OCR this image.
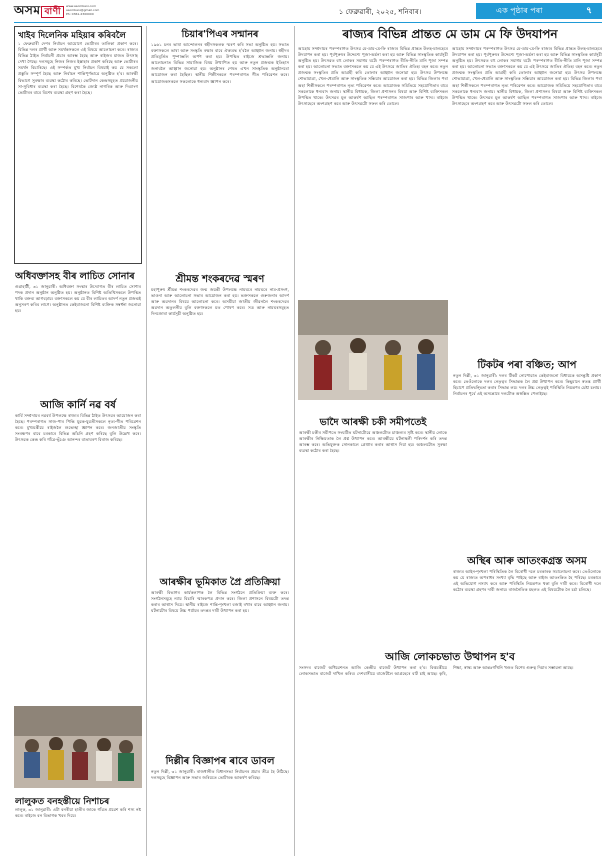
অসম বাণী
www.asombani.com
asombani@gmail.com
Ph: 0361-2300000	১ ফেব্ৰুৱাৰী, ২০২৫, শনিবাৰ।	এক পৃষ্ঠাৰ পৰা	৭
খাইব দিলেনিক মহিয়াৰ কৰিবলৈ
১ ফেব্ৰুৱাৰী দেশৰ নিৰ্বাচন আয়োগে ভোটাৰৰ তালিকা প্ৰকাশ কৰে। বিভিন্ন দলৰ প্ৰাৰ্থী আৰু সমৰ্থকসকলে এই বিষয়ে আলোচনা কৰে। ৰাজ্যৰ বিভিন্ন ঠাইত নিৰ্বাচনী প্ৰচাৰ আৰম্ভ হৈছে আৰু ৰাইজৰ মাজত উৎসাহ দেখা গৈছে। দলসমূহে নিজৰ নিজৰ ইস্তাহাৰ প্ৰকাশ কৰিছে আৰু ভোটাৰৰ সমৰ্থন বিচাৰিছে। এই সম্পৰ্কত মুখ্য নিৰ্বাচন বিষয়াই কয় যে সকলো প্ৰস্তুতি সম্পূৰ্ণ হৈছে আৰু নিৰ্বাচন শান্তিপূৰ্ণভাৱে অনুষ্ঠিত হ'ব। আৰক্ষী বিভাগে সুৰক্ষাৰ ব্যৱস্থা কঠোৰ কৰিছে। ভোটদান কেন্দ্ৰসমূহত প্ৰয়োজনীয় সা-সুবিধাৰ ব্যৱস্থা কৰা হৈছে। বিশেষকৈ জ্যেষ্ঠ নাগৰিক আৰু দিব্যাংগ ভোটাৰৰ বাবে বিশেষ ব্যৱস্থা গ্ৰহণ কৰা হৈছে।
অধিবক্তাসহ বীৰ লাচিত সোনাৰ
গুৱাহাটী, ৩১ জানুৱাৰী: অধিবক্তা সংস্থাৰ উদ্যোগত বীৰ লাচিত সোণাৰ পদক প্ৰদান অনুষ্ঠান অনুষ্ঠিত হয়। অনুষ্ঠানত বিশিষ্ট অতিথিসকলে উপস্থিত থাকি বক্তব্য আগবঢ়ায়। বক্তাসকলে কয় যে বীৰ লাচিতৰ আদৰ্শ নতুন প্ৰজন্মই অনুসৰণ কৰিব লাগে। অনুষ্ঠানত কেইবাজনো বিশিষ্ট ব্যক্তিক সম্বৰ্ধনা জনোৱা হয়।
আজি কাৰ্নি নৱ বৰ্ষ
কাৰ্বি সম্প্ৰদায়ৰ নৱবৰ্ষ উপলক্ষে ৰাজ্যৰ বিভিন্ন ঠাইত উৎসৱৰ আয়োজন কৰা হৈছে। পৰম্পৰাগত সাজ-পাৰ পিন্ধি যুৱক-যুৱতীসকলে নৃত্য-গীত পৰিৱেশন কৰে। মুখ্যমন্ত্ৰীয়ে ৰাইজলৈ শুভেচ্ছা জ্ঞাপন কৰে। জনজাতীয় সংস্কৃতি সংৰক্ষণৰ বাবে চৰকাৰে বিভিন্ন আঁচনি গ্ৰহণ কৰিছে বুলি উল্লেখ কৰে। উৎসৱক কেন্দ্ৰ কৰি গাঁৱে-ভূঁঞে আনন্দৰ বাতাবৰণ বিৰাজ কৰিছে।
লালুকত বনহস্তীয়ে নিশাচৰ
লালুক, ৩১ জানুৱাৰী: এটা বনৰীয়া হাতীৰ জাকে গাঁৱত প্ৰৱেশ কৰি শস্য নষ্ট কৰে। ৰাইজে বন বিভাগক খবৰ দিয়ে।
চিয়াৰ'পিএৰ সন্মানৰ
১৯৬১ চনৰ ভাষা আন্দোলনৰ শ্বহীদসকলক স্মৰণ কৰি সভা অনুষ্ঠিত হয়। সভাত বক্তাসকলে ভাষা আৰু সংস্কৃতি ৰক্ষাৰ বাবে ঐক্যবদ্ধ হ'বলৈ আহ্বান জনায়। শ্বহীদৰ প্ৰতিমূৰ্তিত পুষ্পাঞ্জলি অৰ্পণ কৰা হয়। উপস্থিত ৰাইজে শ্ৰদ্ধাঞ্জলি জনায়। আলোচনাত বিভিন্ন সামাজিক বিষয় উত্থাপিত হয় আৰু নতুন প্ৰজন্মক ইতিহাস জনাবলৈ আহ্বান জনোৱা হয়। অনুষ্ঠানৰ শেষত এখন সাংস্কৃতিক অনুষ্ঠানৰো আয়োজন কৰা হৈছিল। স্থানীয় শিল্পীসকলে পৰম্পৰাগত গীত পৰিৱেশন কৰে। আয়োজকসকলে সকলোকে ধন্যবাদ জ্ঞাপন কৰে।
শ্ৰীমন্ত শংকৰদেৱ স্মৰণ
মহাপুৰুষ শ্ৰীমন্ত শংকৰদেৱৰ জন্ম জয়ন্তী উপলক্ষে নামঘৰে নামঘৰে নাম-প্ৰসংগ, ভাওনা আৰু আলোচনা সভাৰ আয়োজন কৰা হয়। ভক্তসকলে গুৰুজনাৰ আদৰ্শ আৰু অৱদানৰ বিষয়ে আলোচনা কৰে। অসমীয়া জাতীয় জীৱনলৈ শংকৰদেৱৰ অৱদান অতুলনীয় বুলি বক্তাসকলে মত পোষণ কৰে। সত্ৰ আৰু নামঘৰসমূহত দিনজোৰা কাৰ্যসূচী অনুষ্ঠিত হয়।
আৰক্ষীৰ ভূমিকাত প্ৰৈ প্ৰতিক্ৰিয়া
আৰক্ষী বিভাগৰ কাৰ্যকলাপক লৈ বিভিন্ন সংগঠনে প্ৰতিক্ৰিয়া ব্যক্ত কৰে। সংগঠনসমূহে ন্যায় বিচাৰি স্মাৰকপত্ৰ প্ৰদান কৰে। জিলা প্ৰশাসনে বিষয়টো তদন্ত কৰাৰ আশ্বাস দিয়ে। স্থানীয় ৰাইজে শান্তি-শৃংখলা বজাই ৰখাৰ বাবে আহ্বান জনায়। ঘটনাটোৰ বিষয়ে উচ্চ পৰ্যায়ৰ তদন্তৰ দাবী উত্থাপন কৰা হয়।
দিল্লীৰ বিজ্ঞাপৰ ৰাবে ডাবল
নতুন দিল্লী, ৩১ জানুৱাৰী: ৰাজধানীত বিধানসভা নিৰ্বাচনৰ প্ৰচাৰ তীব্ৰ হৈ উঠিছে। দলসমূহে বিজ্ঞাপন আৰু সভাৰ জৰিয়তে ভোটাৰক আকৰ্ষণ কৰিছে।
ৰাজ্যৰ বিভিন্ন প্ৰান্তত মে ডাম মে ফি উদযাপন
আহোম সম্প্ৰদায়ৰ পৰম্পৰাগত উৎসৱ মে-ডাম-মে-ফি ৰাজ্যৰ বিভিন্ন প্ৰান্তত উলহ-মালহেৰে উদযাপন কৰা হয়। পূৰ্বপুৰুষৰ উদ্দেশ্যে পূজা-অৰ্চনা কৰা হয় আৰু বিভিন্ন সাংস্কৃতিক কাৰ্যসূচী অনুষ্ঠিত হয়। উৎসৱত বহু লোকৰ সমাগম ঘটে। পৰম্পৰাগত ৰীতি-নীতি মানি পূজা সম্পন্ন কৰা হয়। আলোচনা সভাত বক্তাসকলে কয় যে এই উৎসৱে জাতিৰ ঐতিহ্য বহন কৰে। নতুন প্ৰজন্মক সংস্কৃতিৰ প্ৰতি আগ্ৰহী কৰি তোলাৰ আহ্বান জনোৱা হয়। উৎসৱ উপলক্ষে শোভাযাত্ৰা, খেল-ধেমালি আৰু সাংস্কৃতিক সন্ধিয়াৰ আয়োজন কৰা হয়। বিভিন্ন জিলাৰ পৰা অহা শিল্পীসকলে পৰম্পৰাগত নৃত্য পৰিৱেশন কৰে। আয়োজক সমিতিয়ে সহযোগিতাৰ বাবে সকলোকে ধন্যবাদ জনায়। স্থানীয় বিধায়ক, জিলা প্ৰশাসনৰ বিষয়া আৰু বিশিষ্ট ব্যক্তিসকল উপস্থিত থাকে। উৎসৱৰ মূল আকৰ্ষণ আছিল পৰম্পৰাগত সাজপাৰ আৰু খাদ্য। ৰাইজে উৎসাহেৰে অংশগ্ৰহণ কৰে আৰু উৎসৱটো সফল কৰি তোলে।
আহোম সম্প্ৰদায়ৰ পৰম্পৰাগত উৎসৱ মে-ডাম-মে-ফি ৰাজ্যৰ বিভিন্ন প্ৰান্তত উলহ-মালহেৰে উদযাপন কৰা হয়। পূৰ্বপুৰুষৰ উদ্দেশ্যে পূজা-অৰ্চনা কৰা হয় আৰু বিভিন্ন সাংস্কৃতিক কাৰ্যসূচী অনুষ্ঠিত হয়। উৎসৱত বহু লোকৰ সমাগম ঘটে। পৰম্পৰাগত ৰীতি-নীতি মানি পূজা সম্পন্ন কৰা হয়। আলোচনা সভাত বক্তাসকলে কয় যে এই উৎসৱে জাতিৰ ঐতিহ্য বহন কৰে। নতুন প্ৰজন্মক সংস্কৃতিৰ প্ৰতি আগ্ৰহী কৰি তোলাৰ আহ্বান জনোৱা হয়। উৎসৱ উপলক্ষে শোভাযাত্ৰা, খেল-ধেমালি আৰু সাংস্কৃতিক সন্ধিয়াৰ আয়োজন কৰা হয়। বিভিন্ন জিলাৰ পৰা অহা শিল্পীসকলে পৰম্পৰাগত নৃত্য পৰিৱেশন কৰে। আয়োজক সমিতিয়ে সহযোগিতাৰ বাবে সকলোকে ধন্যবাদ জনায়। স্থানীয় বিধায়ক, জিলা প্ৰশাসনৰ বিষয়া আৰু বিশিষ্ট ব্যক্তিসকল উপস্থিত থাকে। উৎসৱৰ মূল আকৰ্ষণ আছিল পৰম্পৰাগত সাজপাৰ আৰু খাদ্য। ৰাইজে উৎসাহেৰে অংশগ্ৰহণ কৰে আৰু উৎসৱটো সফল কৰি তোলে।
ভাদৈ আৰক্ষী চকী সমীপতেই
আৰক্ষী চকীৰ সমীপতে সংঘটিত ঘটনাটোৱে অঞ্চলটোত চাঞ্চল্যৰ সৃষ্টি কৰে। স্থানীয় লোকে আৰক্ষীৰ নিষ্ক্ৰিয়তাক লৈ প্ৰশ্ন উত্থাপন কৰে। আৰক্ষীয়ে ঘটনাস্থলী পৰিদৰ্শন কৰি তদন্ত আৰম্ভ কৰে। অভিযুক্তক সোনকালে গ্ৰেপ্তাৰ কৰাৰ আশ্বাস দিয়া হয়। অঞ্চলটোত সুৰক্ষা ব্যৱস্থা কঠোৰ কৰা হৈছে।
আজি লোকচভাত উত্থাপন হ'ব
সংসদৰ বাজেট অধিৱেশনত আজি কেন্দ্ৰীয় বাজেট উত্থাপন কৰা হ'ব। বিত্তমন্ত্ৰীয়ে লোকসভাত বাজেট দাখিল কৰিব। দেশবাসীয়ে বাজেটলৈ আগ্ৰহেৰে বাট চাই আছে। কৃষি, শিক্ষা, স্বাস্থ্য আৰু আন্তঃগাঁথনি খণ্ডত বিশেষ গুৰুত্ব দিয়াৰ সম্ভাৱনা আছে।
টিকটৰ পৰা বঞ্চিত; আপ
নতুন দিল্লী, ৩১ জানুৱাৰী: দলৰ টিকট নোপোৱাত কেইবাজনো বিধায়কে অসন্তুষ্টি প্ৰকাশ কৰে। তেওঁলোকে দলৰ নেতৃত্বৰ সিদ্ধান্তক লৈ প্ৰশ্ন উত্থাপন কৰে। কিছুমানে স্বতন্ত্ৰ প্ৰাৰ্থী হিচাপে প্ৰতিদ্বন্দ্বিতা কৰাৰ সিদ্ধান্ত লয়। দলৰ উচ্চ নেতৃত্বই পৰিস্থিতি নিয়ন্ত্ৰণৰ চেষ্টা চলায়। নিৰ্বাচনৰ পূৰ্বে এই অসন্তোষে দলটোক অস্বস্তিত পেলাইছে।
অস্থিৰ আৰু আতংকগ্ৰস্ত অসম
ৰাজ্যৰ আইন-শৃংখলা পৰিস্থিতিক লৈ বিৰোধী দলে চৰকাৰক সমালোচনা কৰে। তেওঁলোকে কয় যে ৰাজ্যত অপৰাধৰ সংখ্যা বৃদ্ধি পাইছে আৰু ৰাইজ আতংকিত হৈ পৰিছে। চৰকাৰে এই অভিযোগ নস্যাৎ কৰে আৰু পৰিস্থিতি নিয়ন্ত্ৰণত থকা বুলি দাবী কৰে। বিৰোধী দলে কঠোৰ ব্যৱস্থা গ্ৰহণৰ দাবী জনায়। ৰাজনৈতিক মহলত এই বিষয়টোক লৈ চৰ্চা চলিছে।
